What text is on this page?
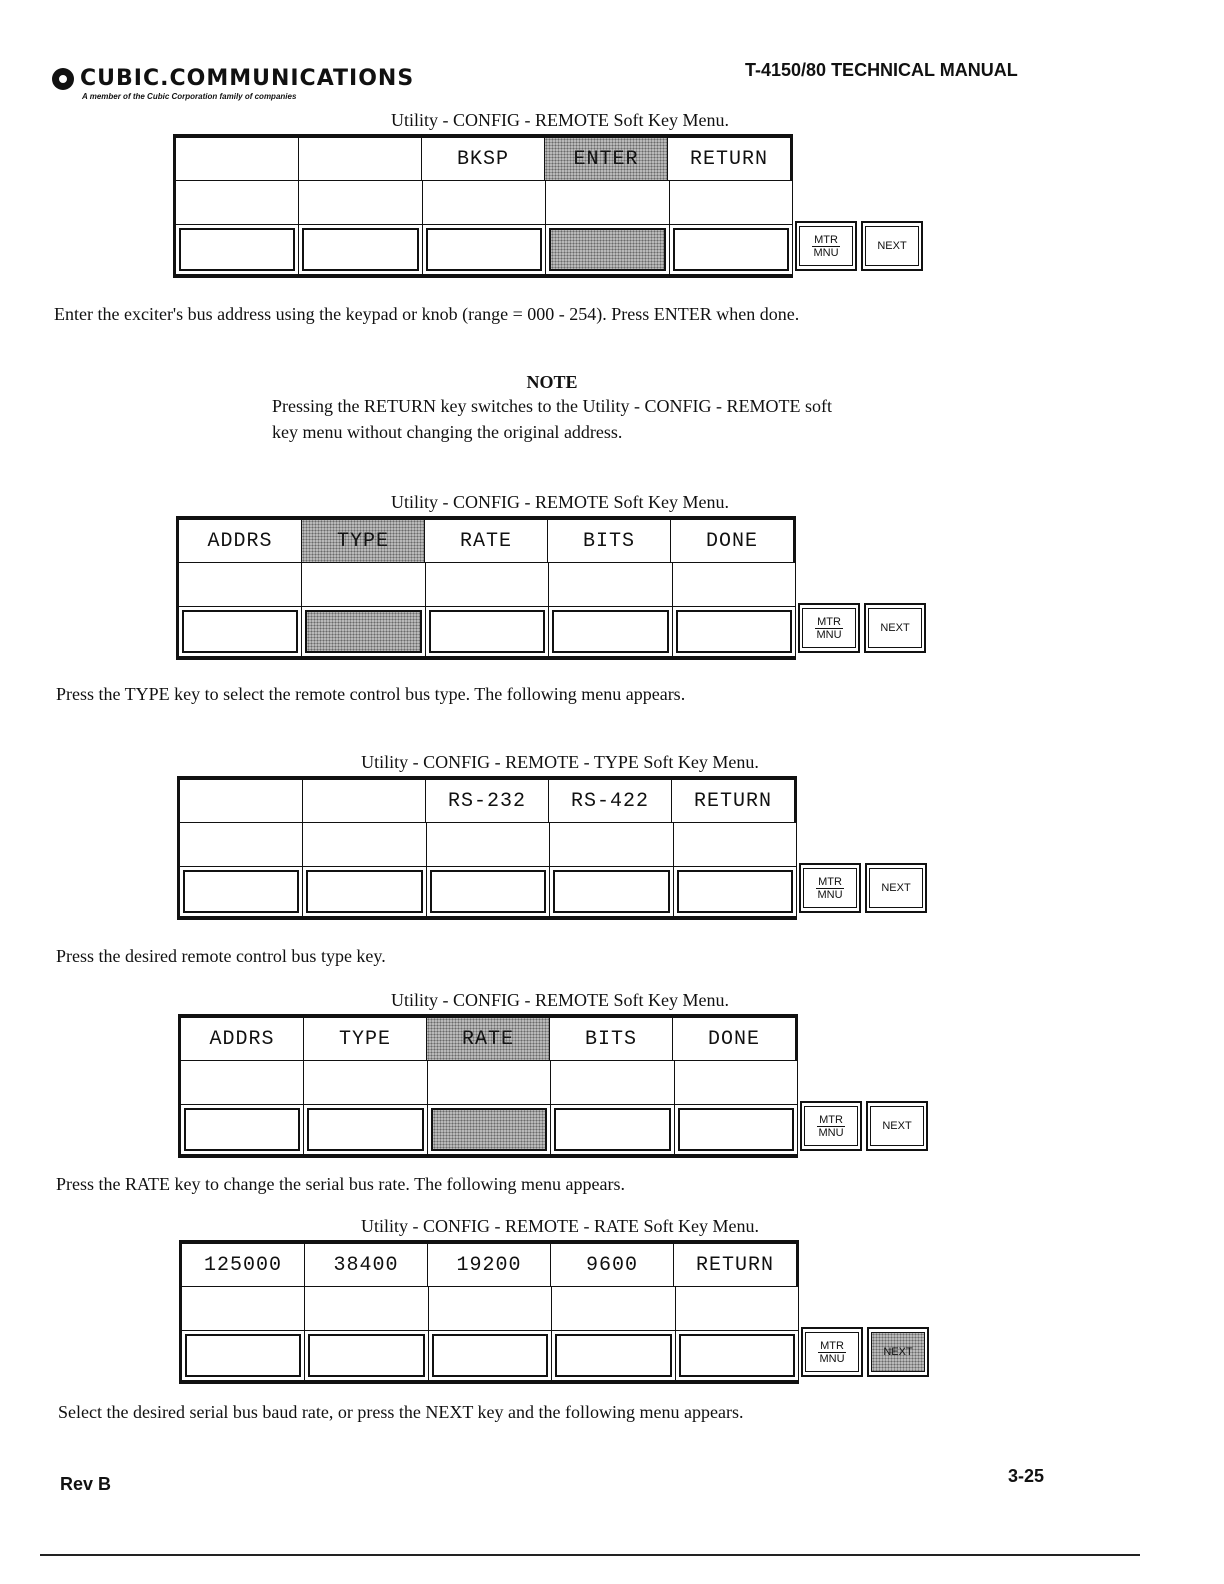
CUBIC.COMMUNICATIONS
A member of the Cubic Corporation family of companies
T-4150/80 TECHNICAL MANUAL
Utility - CONFIG - REMOTE Soft Key Menu.
BKSP	ENTER	RETURN
MTR
MNU
NEXT
Enter the exciter's bus address using the keypad or knob (range = 000 - 254). Press ENTER when done.
NOTE
Pressing the RETURN key switches to the Utility - CONFIG - REMOTE soft key menu without changing the original address.
Utility - CONFIG - REMOTE Soft Key Menu.
ADDRS	TYPE	RATE	BITS	DONE
MTR
MNU
NEXT
Press the TYPE key to select the remote control bus type. The following menu appears.
Utility - CONFIG - REMOTE - TYPE Soft Key Menu.
RS-232	RS-422	RETURN
MTR
MNU
NEXT
Press the desired remote control bus type key.
Utility - CONFIG - REMOTE Soft Key Menu.
ADDRS	TYPE	RATE	BITS	DONE
MTR
MNU
NEXT
Press the RATE key to change the serial bus rate. The following menu appears.
Utility - CONFIG - REMOTE - RATE Soft Key Menu.
125000	38400	19200	9600	RETURN
MTR
MNU
NEXT
Select the desired serial bus baud rate, or press the NEXT key and the following menu appears.
Rev B	3-25
